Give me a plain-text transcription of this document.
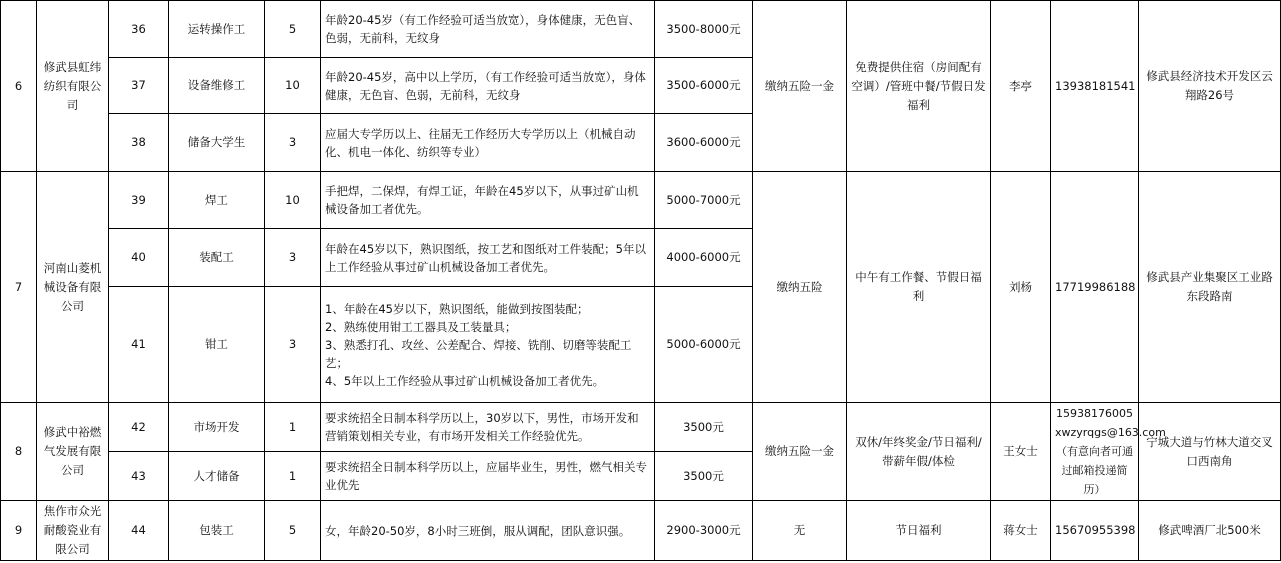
6	修武县虹纬纺织有限公司	36	运转操作工	5	年龄20-45岁（有工作经验可适当放宽），身体健康，无色盲、色弱，无前科，无纹身	3500-8000元	缴纳五险一金	免费提供住宿（房间配有空调）/管班中餐/节假日发福利	李亭	13938181541	修武县经济技术开发区云翔路26号
		37	设备维修工	10	年龄20-45岁，高中以上学历，（有工作经验可适当放宽），身体健康，无色盲、色弱，无前科，无纹身	3500-6000元					
		38	储备大学生	3	应届大专学历以上、往届无工作经历大专学历以上（机械自动化、机电一体化、纺织等专业）	3600-6000元					
7	河南山菱机械设备有限公司	39	焊工	10	手把焊，二保焊，有焊工证，年龄在45岁以下，从事过矿山机械设备加工者优先。	5000-7000元	缴纳五险	中午有工作餐、节假日福利	刘杨	17719986188	修武县产业集聚区工业路东段路南
		40	装配工	3	年龄在45岁以下，熟识图纸，按工艺和图纸对工件装配；5年以上工作经验从事过矿山机械设备加工者优先。	4000-6000元					
		41	钳工	3	1、年龄在45岁以下，熟识图纸，能做到按图装配；
2、熟练使用钳工工器具及工装量具；
3、熟悉打孔、攻丝、公差配合、焊接、铣削、切磨等装配工艺；
4、5年以上工作经验从事过矿山机械设备加工者优先。	5000-6000元					
8	修武中裕燃气发展有限公司	42	市场开发	1	要求统招全日制本科学历以上，30岁以下，男性，市场开发和营销策划相关专业，有市场开发相关工作经验优先。	3500元	缴纳五险一金	双休/年终奖金/节日福利/带薪年假/体检	王女士	15938176005
xwzyrqgs@163.com
（有意向者可通过邮箱投递简历）	宁城大道与竹林大道交叉口西南角
		43	人才储备	1	要求统招全日制本科学历以上，应届毕业生，男性，燃气相关专业优先	3500元					
9	焦作市众光耐酸瓷业有限公司	44	包装工	5	女，年龄20-50岁，8小时三班倒，服从调配，团队意识强。	2900-3000元	无	节日福利	蒋女士	15670955398	修武啤酒厂北500米
